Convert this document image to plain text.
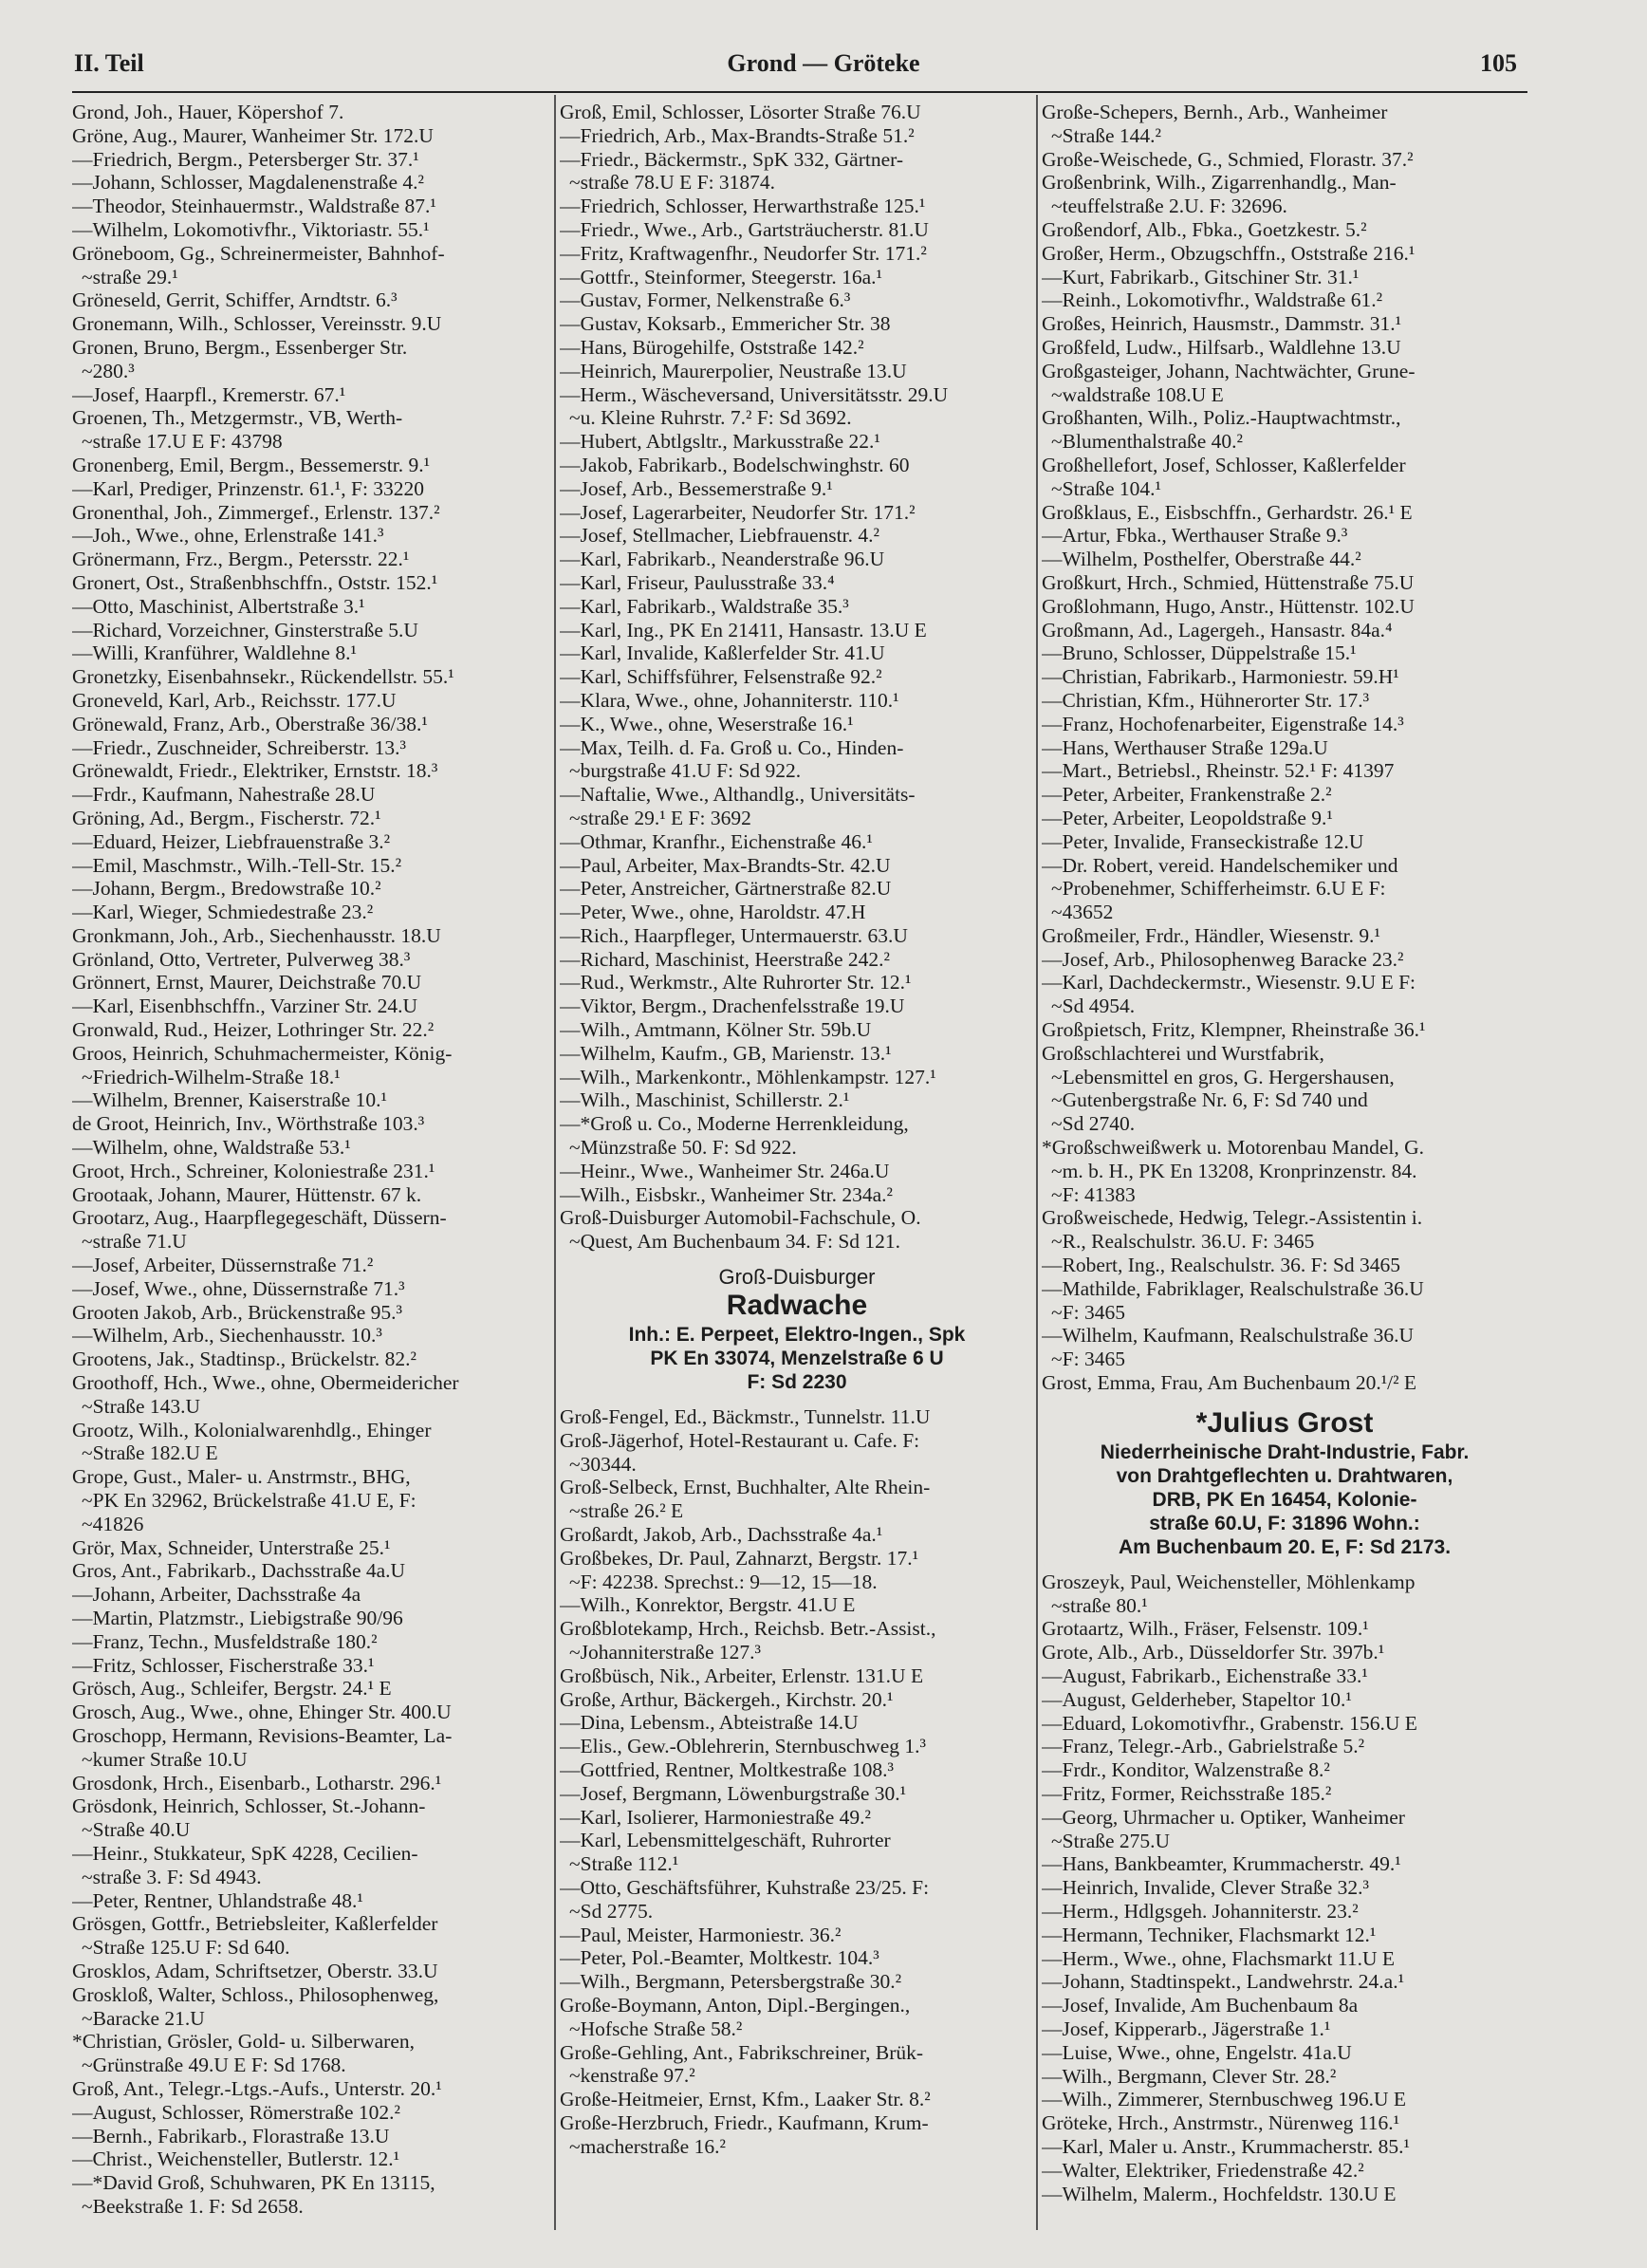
II. Teil	Grond — Gröteke	105
Grond, Joh., Hauer, Köpershof 7.
Gröne, Aug., Maurer, Wanheimer Str. 172.U
—Friedrich, Bergm., Petersberger Str. 37.¹
—Johann, Schlosser, Magdalenenstraße 4.²
—Theodor, Steinhauermstr., Waldstraße 87.¹
—Wilhelm, Lokomotivfhr., Viktoriastr. 55.¹
Gröneboom, Gg., Schreinermeister, Bahnhof-
~straße 29.¹
Gröneseld, Gerrit, Schiffer, Arndtstr. 6.³
Gronemann, Wilh., Schlosser, Vereinsstr. 9.U
Gronen, Bruno, Bergm., Essenberger Str.
~280.³
—Josef, Haarpfl., Kremerstr. 67.¹
Groenen, Th., Metzgermstr., VB, Werth-
~straße 17.U E F: 43798
Gronenberg, Emil, Bergm., Bessemerstr. 9.¹
—Karl, Prediger, Prinzenstr. 61.¹, F: 33220
Gronenthal, Joh., Zimmergef., Erlenstr. 137.²
—Joh., Wwe., ohne, Erlenstraße 141.³
Grönermann, Frz., Bergm., Petersstr. 22.¹
Gronert, Ost., Straßenbhschffn., Oststr. 152.¹
—Otto, Maschinist, Albertstraße 3.¹
—Richard, Vorzeichner, Ginsterstraße 5.U
—Willi, Kranführer, Waldlehne 8.¹
Gronetzky, Eisenbahnsekr., Rückendellstr. 55.¹
Groneveld, Karl, Arb., Reichsstr. 177.U
Grönewald, Franz, Arb., Oberstraße 36/38.¹
—Friedr., Zuschneider, Schreiberstr. 13.³
Grönewaldt, Friedr., Elektriker, Ernststr. 18.³
—Frdr., Kaufmann, Nahestraße 28.U
Gröning, Ad., Bergm., Fischerstr. 72.¹
—Eduard, Heizer, Liebfrauenstraße 3.²
—Emil, Maschmstr., Wilh.-Tell-Str. 15.²
—Johann, Bergm., Bredowstraße 10.²
—Karl, Wieger, Schmiedestraße 23.²
Gronkmann, Joh., Arb., Siechenhausstr. 18.U
Grönland, Otto, Vertreter, Pulverweg 38.³
Grönnert, Ernst, Maurer, Deichstraße 70.U
—Karl, Eisenbhschffn., Varziner Str. 24.U
Gronwald, Rud., Heizer, Lothringer Str. 22.²
Groos, Heinrich, Schuhmachermeister, König-
~Friedrich-Wilhelm-Straße 18.¹
—Wilhelm, Brenner, Kaiserstraße 10.¹
de Groot, Heinrich, Inv., Wörthstraße 103.³
—Wilhelm, ohne, Waldstraße 53.¹
Groot, Hrch., Schreiner, Koloniestraße 231.¹
Grootaak, Johann, Maurer, Hüttenstr. 67 k.
Grootarz, Aug., Haarpflegegeschäft, Düssern-
~straße 71.U
—Josef, Arbeiter, Düssernstraße 71.²
—Josef, Wwe., ohne, Düssernstraße 71.³
Grooten Jakob, Arb., Brückenstraße 95.³
—Wilhelm, Arb., Siechenhausstr. 10.³
Grootens, Jak., Stadtinsp., Brückelstr. 82.²
Groothoff, Hch., Wwe., ohne, Obermeidericher
~Straße 143.U
Grootz, Wilh., Kolonialwarenhdlg., Ehinger
~Straße 182.U E
Grope, Gust., Maler- u. Anstrmstr., BHG,
~PK En 32962, Brückelstraße 41.U E, F:
~41826
Grör, Max, Schneider, Unterstraße 25.¹
Gros, Ant., Fabrikarb., Dachsstraße 4a.U
—Johann, Arbeiter, Dachsstraße 4a
—Martin, Platzmstr., Liebigstraße 90/96
—Franz, Techn., Musfeldstraße 180.²
—Fritz, Schlosser, Fischerstraße 33.¹
Grösch, Aug., Schleifer, Bergstr. 24.¹ E
Grosch, Aug., Wwe., ohne, Ehinger Str. 400.U
Groschopp, Hermann, Revisions-Beamter, La-
~kumer Straße 10.U
Grosdonk, Hrch., Eisenbarb., Lotharstr. 296.¹
Grösdonk, Heinrich, Schlosser, St.-Johann-
~Straße 40.U
—Heinr., Stukkateur, SpK 4228, Cecilien-
~straße 3. F: Sd 4943.
—Peter, Rentner, Uhlandstraße 48.¹
Grösgen, Gottfr., Betriebsleiter, Kaßlerfelder
~Straße 125.U F: Sd 640.
Grosklos, Adam, Schriftsetzer, Oberstr. 33.U
Groskloß, Walter, Schloss., Philosophenweg,
~Baracke 21.U
*Christian, Grösler, Gold- u. Silberwaren,
~Grünstraße 49.U E F: Sd 1768.
Groß, Ant., Telegr.-Ltgs.-Aufs., Unterstr. 20.¹
—August, Schlosser, Römerstraße 102.²
—Bernh., Fabrikarb., Florastraße 13.U
—Christ., Weichensteller, Butlerstr. 12.¹
—*David Groß, Schuhwaren, PK En 13115,
~Beekstraße 1. F: Sd 2658.
Groß, Emil, Schlosser, Lösorter Straße 76.U
—Friedrich, Arb., Max-Brandts-Straße 51.²
—Friedr., Bäckermstr., SpK 332, Gärtner-
~straße 78.U E F: 31874.
—Friedrich, Schlosser, Herwarthstraße 125.¹
—Friedr., Wwe., Arb., Gartsträucherstr. 81.U
—Fritz, Kraftwagenfhr., Neudorfer Str. 171.²
—Gottfr., Steinformer, Steegerstr. 16a.¹
—Gustav, Former, Nelkenstraße 6.³
—Gustav, Koksarb., Emmericher Str. 38
—Hans, Bürogehilfe, Oststraße 142.²
—Heinrich, Maurerpolier, Neustraße 13.U
—Herm., Wäscheversand, Universitätsstr. 29.U
~u. Kleine Ruhrstr. 7.² F: Sd 3692.
—Hubert, Abtlgsltr., Markusstraße 22.¹
—Jakob, Fabrikarb., Bodelschwinghstr. 60
—Josef, Arb., Bessemerstraße 9.¹
—Josef, Lagerarbeiter, Neudorfer Str. 171.²
—Josef, Stellmacher, Liebfrauenstr. 4.²
—Karl, Fabrikarb., Neanderstraße 96.U
—Karl, Friseur, Paulusstraße 33.⁴
—Karl, Fabrikarb., Waldstraße 35.³
—Karl, Ing., PK En 21411, Hansastr. 13.U E
—Karl, Invalide, Kaßlerfelder Str. 41.U
—Karl, Schiffsführer, Felsenstraße 92.²
—Klara, Wwe., ohne, Johanniterstr. 110.¹
—K., Wwe., ohne, Weserstraße 16.¹
—Max, Teilh. d. Fa. Groß u. Co., Hinden-
~burgstraße 41.U F: Sd 922.
—Naftalie, Wwe., Althandlg., Universitäts-
~straße 29.¹ E F: 3692
—Othmar, Kranfhr., Eichenstraße 46.¹
—Paul, Arbeiter, Max-Brandts-Str. 42.U
—Peter, Anstreicher, Gärtnerstraße 82.U
—Peter, Wwe., ohne, Haroldstr. 47.H
—Rich., Haarpfleger, Untermauerstr. 63.U
—Richard, Maschinist, Heerstraße 242.²
—Rud., Werkmstr., Alte Ruhrorter Str. 12.¹
—Viktor, Bergm., Drachenfelsstraße 19.U
—Wilh., Amtmann, Kölner Str. 59b.U
—Wilhelm, Kaufm., GB, Marienstr. 13.¹
—Wilh., Markenkontr., Möhlenkampstr. 127.¹
—Wilh., Maschinist, Schillerstr. 2.¹
—*Groß u. Co., Moderne Herrenkleidung,
~Münzstraße 50. F: Sd 922.
—Heinr., Wwe., Wanheimer Str. 246a.U
—Wilh., Eisbskr., Wanheimer Str. 234a.²
Groß-Duisburger Automobil-Fachschule, O.
~Quest, Am Buchenbaum 34. F: Sd 121.
Groß-Duisburger
Radwache
Inh.: E. Perpeet, Elektro-Ingen., Spk
PK En 33074, Menzelstraße 6 U
F: Sd 2230
Groß-Fengel, Ed., Bäckmstr., Tunnelstr. 11.U
Groß-Jägerhof, Hotel-Restaurant u. Cafe. F:
~30344.
Groß-Selbeck, Ernst, Buchhalter, Alte Rhein-
~straße 26.² E
Großardt, Jakob, Arb., Dachsstraße 4a.¹
Großbekes, Dr. Paul, Zahnarzt, Bergstr. 17.¹
~F: 42238. Sprechst.: 9—12, 15—18.
—Wilh., Konrektor, Bergstr. 41.U E
Großblotekamp, Hrch., Reichsb. Betr.-Assist.,
~Johanniterstraße 127.³
Großbüsch, Nik., Arbeiter, Erlenstr. 131.U E
Große, Arthur, Bäckergeh., Kirchstr. 20.¹
—Dina, Lebensm., Abteistraße 14.U
—Elis., Gew.-Oblehrerin, Sternbuschweg 1.³
—Gottfried, Rentner, Moltkestraße 108.³
—Josef, Bergmann, Löwenburgstraße 30.¹
—Karl, Isolierer, Harmoniestraße 49.²
—Karl, Lebensmittelgeschäft, Ruhrorter
~Straße 112.¹
—Otto, Geschäftsführer, Kuhstraße 23/25. F:
~Sd 2775.
—Paul, Meister, Harmoniestr. 36.²
—Peter, Pol.-Beamter, Moltkestr. 104.³
—Wilh., Bergmann, Petersbergstraße 30.²
Große-Boymann, Anton, Dipl.-Bergingen.,
~Hofsche Straße 58.²
Große-Gehling, Ant., Fabrikschreiner, Brük-
~kenstraße 97.²
Große-Heitmeier, Ernst, Kfm., Laaker Str. 8.²
Große-Herzbruch, Friedr., Kaufmann, Krum-
~macherstraße 16.²
Große-Schepers, Bernh., Arb., Wanheimer
~Straße 144.²
Große-Weischede, G., Schmied, Florastr. 37.²
Großenbrink, Wilh., Zigarrenhandlg., Man-
~teuffelstraße 2.U. F: 32696.
Großendorf, Alb., Fbka., Goetzkestr. 5.²
Großer, Herm., Obzugschffn., Oststraße 216.¹
—Kurt, Fabrikarb., Gitschiner Str. 31.¹
—Reinh., Lokomotivfhr., Waldstraße 61.²
Großes, Heinrich, Hausmstr., Dammstr. 31.¹
Großfeld, Ludw., Hilfsarb., Waldlehne 13.U
Großgasteiger, Johann, Nachtwächter, Grune-
~waldstraße 108.U E
Großhanten, Wilh., Poliz.-Hauptwachtmstr.,
~Blumenthalstraße 40.²
Großhellefort, Josef, Schlosser, Kaßlerfelder
~Straße 104.¹
Großklaus, E., Eisbschffn., Gerhardstr. 26.¹ E
—Artur, Fbka., Werthauser Straße 9.³
—Wilhelm, Posthelfer, Oberstraße 44.²
Großkurt, Hrch., Schmied, Hüttenstraße 75.U
Großlohmann, Hugo, Anstr., Hüttenstr. 102.U
Großmann, Ad., Lagergeh., Hansastr. 84a.⁴
—Bruno, Schlosser, Düppelstraße 15.¹
—Christian, Fabrikarb., Harmoniestr. 59.H¹
—Christian, Kfm., Hühnerorter Str. 17.³
—Franz, Hochofenarbeiter, Eigenstraße 14.³
—Hans, Werthauser Straße 129a.U
—Mart., Betriebsl., Rheinstr. 52.¹ F: 41397
—Peter, Arbeiter, Frankenstraße 2.²
—Peter, Arbeiter, Leopoldstraße 9.¹
—Peter, Invalide, Franseckistraße 12.U
—Dr. Robert, vereid. Handelschemiker und
~Probenehmer, Schifferheimstr. 6.U E F:
~43652
Großmeiler, Frdr., Händler, Wiesenstr. 9.¹
—Josef, Arb., Philosophenweg Baracke 23.²
—Karl, Dachdeckermstr., Wiesenstr. 9.U E F:
~Sd 4954.
Großpietsch, Fritz, Klempner, Rheinstraße 36.¹
Großschlachterei und Wurstfabrik,
~Lebensmittel en gros, G. Hergershausen,
~Gutenbergstraße Nr. 6, F: Sd 740 und
~Sd 2740.
*Großschweißwerk u. Motorenbau Mandel, G.
~m. b. H., PK En 13208, Kronprinzenstr. 84.
~F: 41383
Großweischede, Hedwig, Telegr.-Assistentin i.
~R., Realschulstr. 36.U. F: 3465
—Robert, Ing., Realschulstr. 36. F: Sd 3465
—Mathilde, Fabriklager, Realschulstraße 36.U
~F: 3465
—Wilhelm, Kaufmann, Realschulstraße 36.U
~F: 3465
Grost, Emma, Frau, Am Buchenbaum 20.¹/² E
*Julius Grost
Niederrheinische Draht-Industrie, Fabr.
von Drahtgeflechten u. Drahtwaren,
DRB, PK En 16454, Kolonie-
straße 60.U, F: 31896 Wohn.:
Am Buchenbaum 20. E, F: Sd 2173.
Groszeyk, Paul, Weichensteller, Möhlenkamp
~straße 80.¹
Grotaartz, Wilh., Fräser, Felsenstr. 109.¹
Grote, Alb., Arb., Düsseldorfer Str. 397b.¹
—August, Fabrikarb., Eichenstraße 33.¹
—August, Gelderheber, Stapeltor 10.¹
—Eduard, Lokomotivfhr., Grabenstr. 156.U E
—Franz, Telegr.-Arb., Gabrielstraße 5.²
—Frdr., Konditor, Walzenstraße 8.²
—Fritz, Former, Reichsstraße 185.²
—Georg, Uhrmacher u. Optiker, Wanheimer
~Straße 275.U
—Hans, Bankbeamter, Krummacherstr. 49.¹
—Heinrich, Invalide, Clever Straße 32.³
—Herm., Hdlgsgeh. Johanniterstr. 23.²
—Hermann, Techniker, Flachsmarkt 12.¹
—Herm., Wwe., ohne, Flachsmarkt 11.U E
—Johann, Stadtinspekt., Landwehrstr. 24.a.¹
—Josef, Invalide, Am Buchenbaum 8a
—Josef, Kipperarb., Jägerstraße 1.¹
—Luise, Wwe., ohne, Engelstr. 41a.U
—Wilh., Bergmann, Clever Str. 28.²
—Wilh., Zimmerer, Sternbuschweg 196.U E
Gröteke, Hrch., Anstrmstr., Nürenweg 116.¹
—Karl, Maler u. Anstr., Krummacherstr. 85.¹
—Walter, Elektriker, Friedenstraße 42.²
—Wilhelm, Malerm., Hochfeldstr. 130.U E
